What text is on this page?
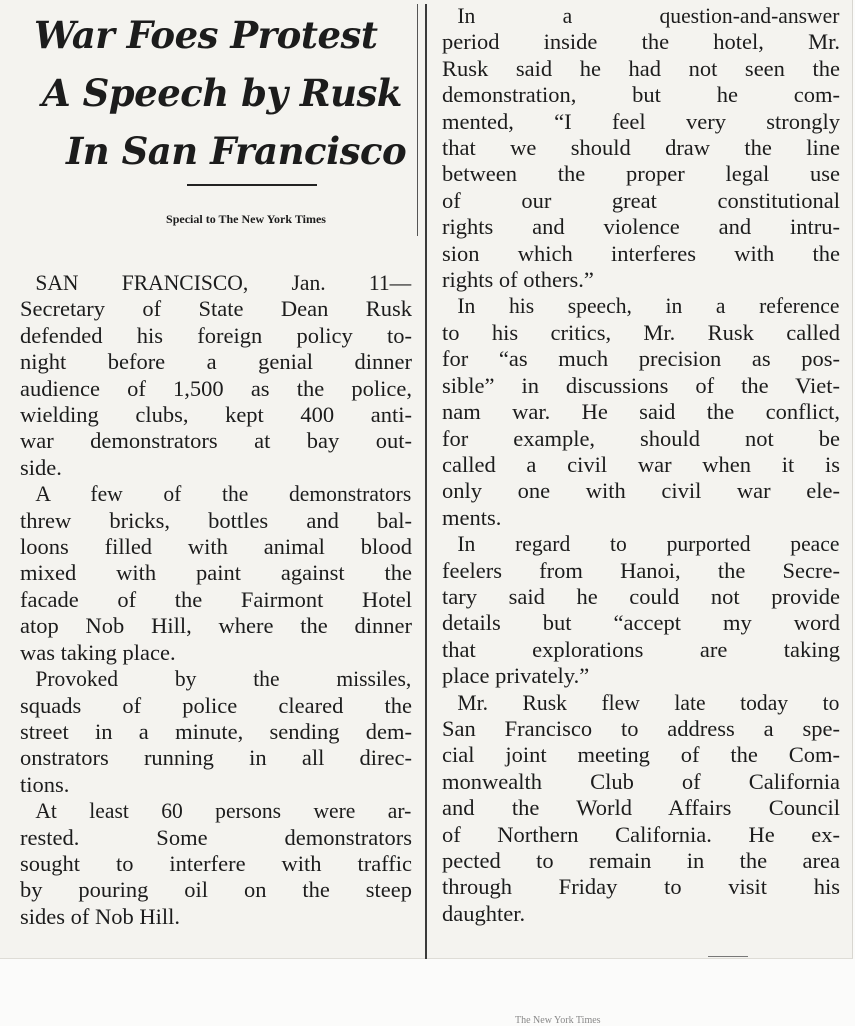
War Foes Protest
A Speech by Rusk
In San Francisco
Special to The New York Times
SAN FRANCISCO, Jan. 11—
Secretary of State Dean Rusk
defended his foreign policy to-
night before a genial dinner
audience of 1,500 as the police,
wielding clubs, kept 400 anti-
war demonstrators at bay out-
side.
A few of the demonstrators
threw bricks, bottles and bal-
loons filled with animal blood
mixed with paint against the
facade of the Fairmont Hotel
atop Nob Hill, where the dinner
was taking place.
Provoked by the missiles,
squads of police cleared the
street in a minute, sending dem-
onstrators running in all direc-
tions.
At least 60 persons were ar-
rested. Some demonstrators
sought to interfere with traffic
by pouring oil on the steep
sides of Nob Hill.
In a question-and-answer
period inside the hotel, Mr.
Rusk said he had not seen the
demonstration, but he com-
mented, “I feel very strongly
that we should draw the line
between the proper legal use
of our great constitutional
rights and violence and intru-
sion which interferes with the
rights of others.”
In his speech, in a reference
to his critics, Mr. Rusk called
for “as much precision as pos-
sible” in discussions of the Viet-
nam war. He said the conflict,
for example, should not be
called a civil war when it is
only one with civil war ele-
ments.
In regard to purported peace
feelers from Hanoi, the Secre-
tary said he could not provide
details but “accept my word
that explorations are taking
place privately.”
Mr. Rusk flew late today to
San Francisco to address a spe-
cial joint meeting of the Com-
monwealth Club of California
and the World Affairs Council
of Northern California. He ex-
pected to remain in the area
through Friday to visit his
daughter.
The New York Times
